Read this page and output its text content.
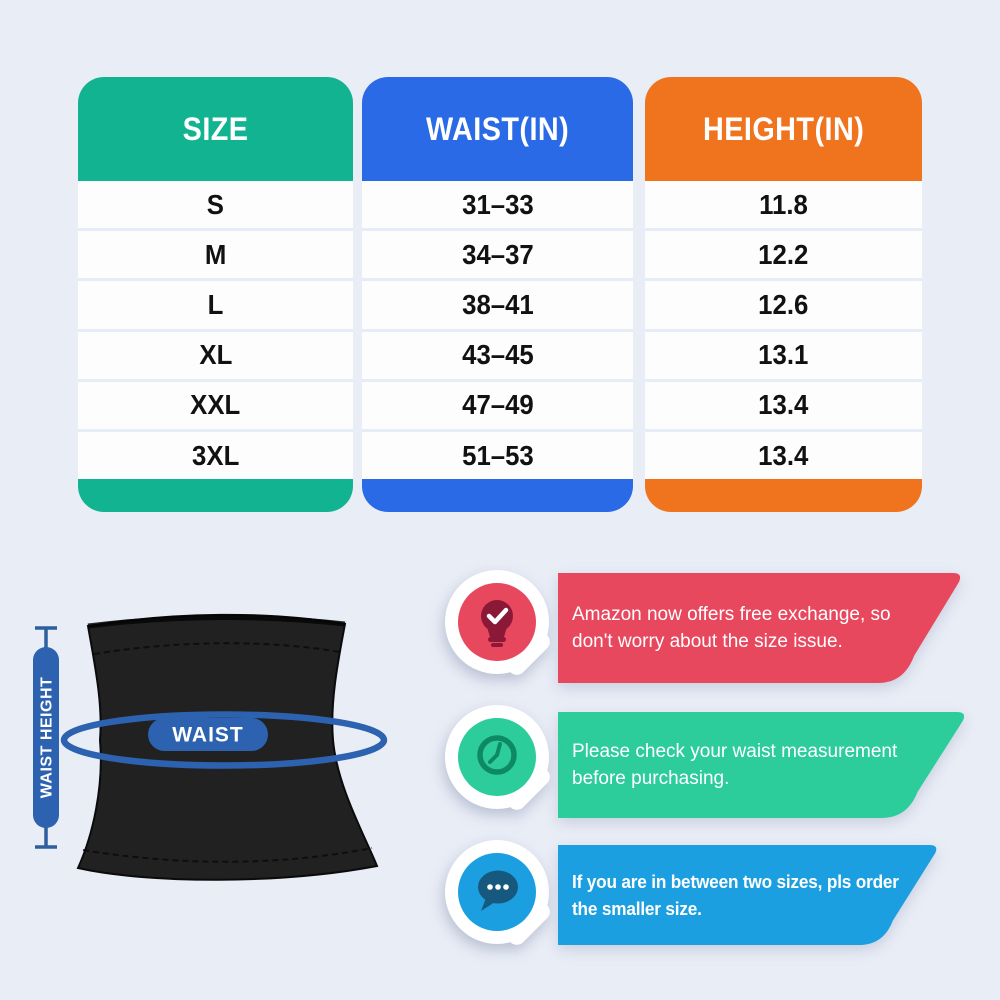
SIZE
S
M
L
XL
XXL
3XL
WAIST(IN)
31–33
34–37
38–41
43–45
47–49
51–53
HEIGHT(IN)
11.8
12.2
12.6
13.1
13.4
13.4
WAIST HEIGHT	WAIST
Amazon now offers free exchange, so
don't worry about the size issue.
Please check your waist measurement
before purchasing.
If you are in between two sizes, pls order
the smaller size.
